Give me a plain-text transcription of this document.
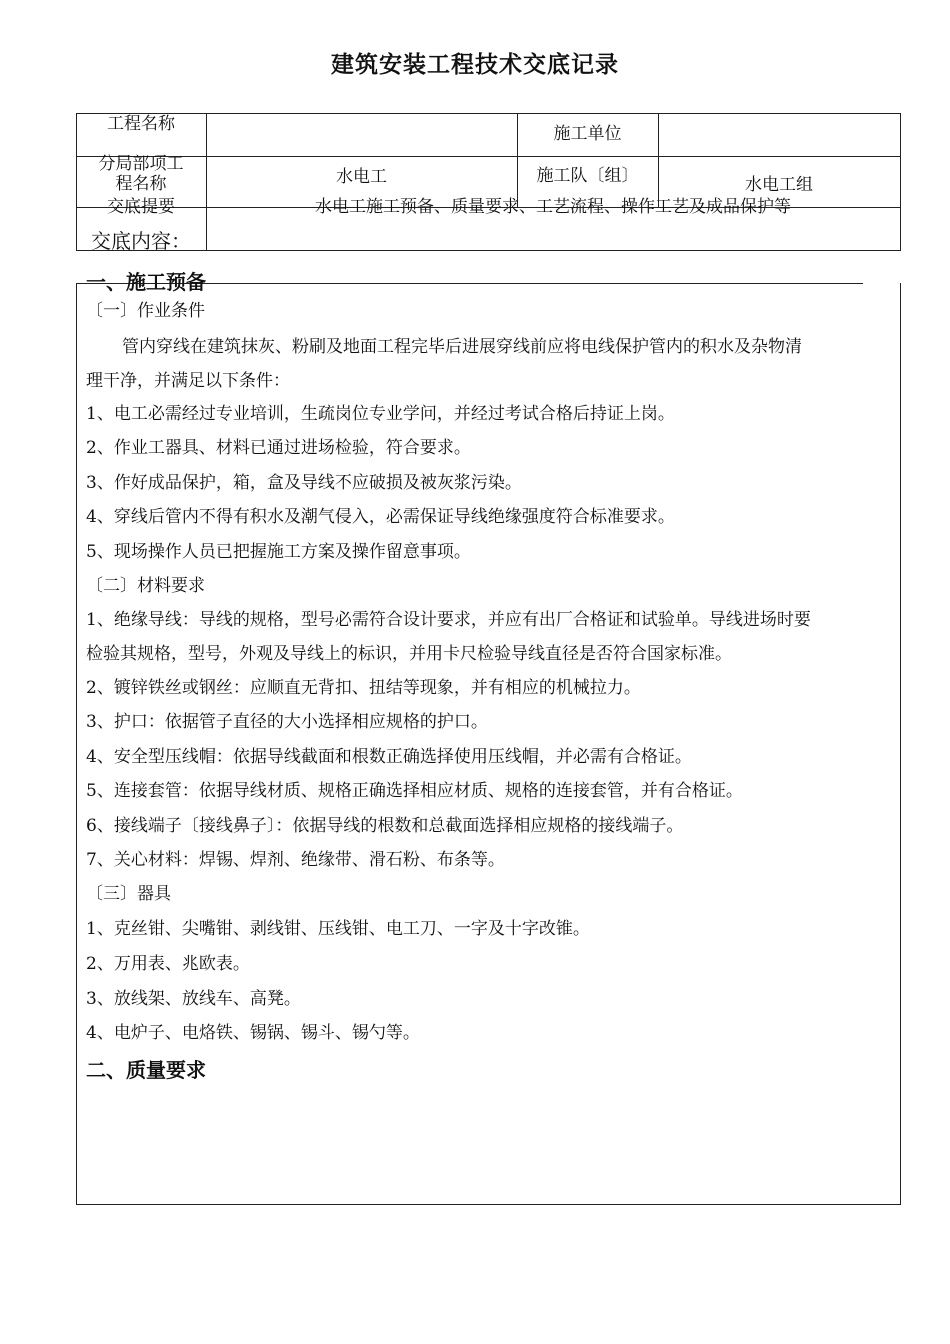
建筑安装工程技术交底记录
工程名称	施工单位
分局部项工
程名称	水电工	施工队〔组〕	水电工组
交底提要	水电工施工预备、质量要求、工艺流程、操作工艺及成品保护等
交底内容：
一、施工预备
〔一〕作业条件
管内穿线在建筑抹灰、粉刷及地面工程完毕后进展穿线前应将电线保护管内的积水及杂物清
理干净，并满足以下条件：
1、电工必需经过专业培训，生疏岗位专业学问，并经过考试合格后持证上岗。
2、作业工器具、材料已通过进场检验，符合要求。
3、作好成品保护，箱，盒及导线不应破损及被灰浆污染。
4、穿线后管内不得有积水及潮气侵入，必需保证导线绝缘强度符合标准要求。
5、现场操作人员已把握施工方案及操作留意事项。
〔二〕材料要求
1、绝缘导线：导线的规格，型号必需符合设计要求，并应有出厂合格证和试验单。导线进场时要
检验其规格，型号，外观及导线上的标识，并用卡尺检验导线直径是否符合国家标准。
2、镀锌铁丝或钢丝：应顺直无背扣、扭结等现象，并有相应的机械拉力。
3、护口：依据管子直径的大小选择相应规格的护口。
4、安全型压线帽：依据导线截面和根数正确选择使用压线帽，并必需有合格证。
5、连接套管：依据导线材质、规格正确选择相应材质、规格的连接套管，并有合格证。
6、接线端子〔接线鼻子〕：依据导线的根数和总截面选择相应规格的接线端子。
7、关心材料：焊锡、焊剂、绝缘带、滑石粉、布条等。
〔三〕器具
1、克丝钳、尖嘴钳、剥线钳、压线钳、电工刀、一字及十字改锥。
2、万用表、兆欧表。
3、放线架、放线车、高凳。
4、电炉子、电烙铁、锡锅、锡斗、锡勺等。
二、质量要求
